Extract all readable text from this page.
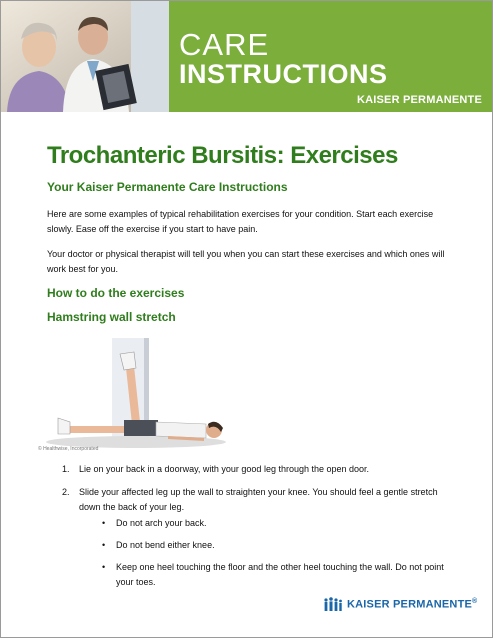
CARE
INSTRUCTIONS
KAISER PERMANENTE
Trochanteric Bursitis: Exercises
Your Kaiser Permanente Care Instructions

Here are some examples of typical rehabilitation exercises for your condition. Start each exercise slowly. Ease off the exercise if you start to have pain.

Your doctor or physical therapist will tell you when you can start these exercises and which ones will work best for you.

How to do the exercises
Hamstring wall stretch
© Healthwise, Incorporated
1.	Lie on your back in a doorway, with your good leg through the open door.
2.	Slide your affected leg up the wall to straighten your knee. You should feel a gentle stretch down the back of your leg.
• Do not arch your back.
• Do not bend either knee.
• Keep one heel touching the floor and the other heel touching the wall. Do not point your toes.
KAISER PERMANENTE®
